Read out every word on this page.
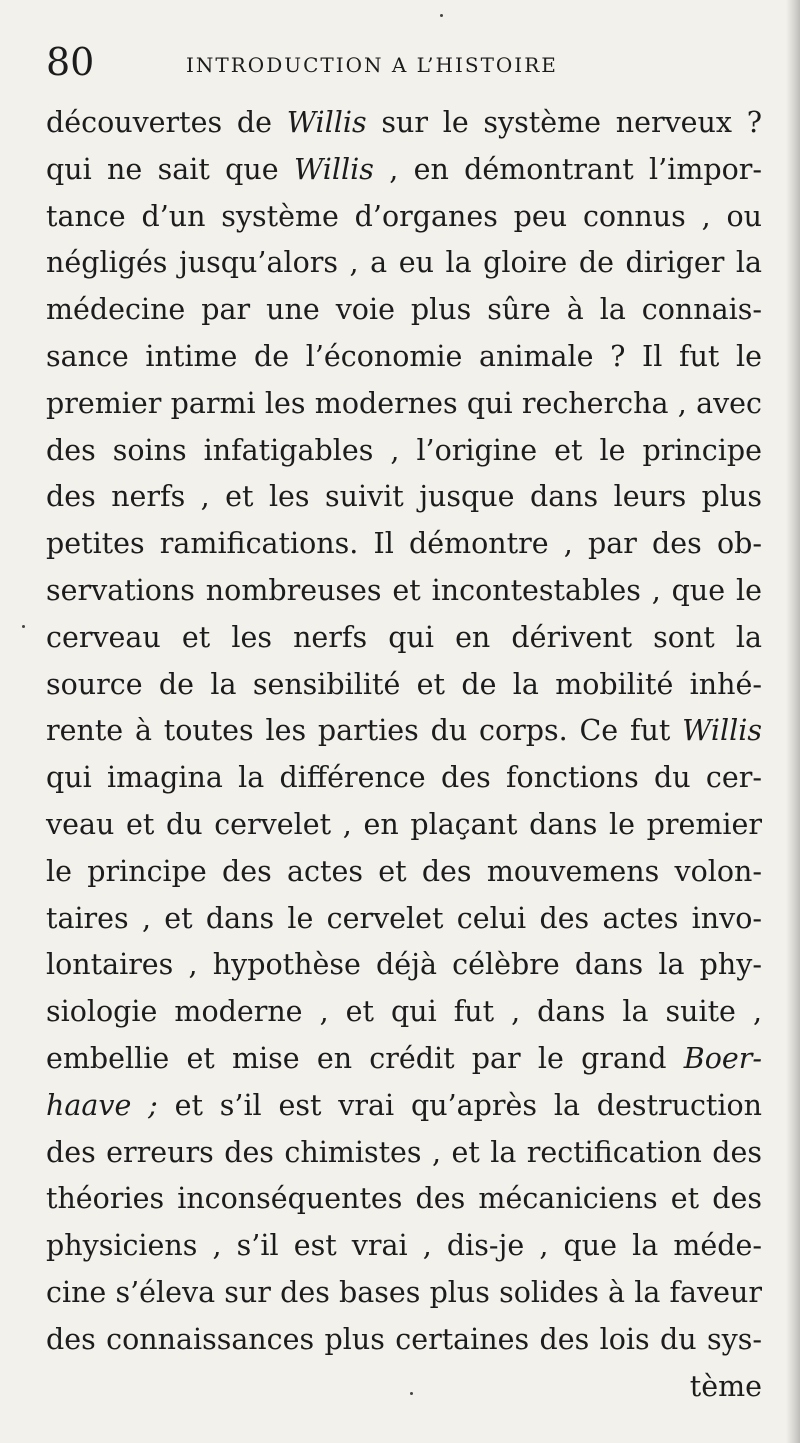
80	INTRODUCTION A L’HISTOIRE
découvertes de Willis sur le système nerveux ?
qui ne sait que Willis , en démontrant l’impor-
tance d’un système d’organes peu connus , ou
négligés jusqu’alors , a eu la gloire de diriger la
médecine par une voie plus sûre à la connais-
sance intime de l’économie animale ? Il fut le
premier parmi les modernes qui rechercha , avec
des soins infatigables , l’origine et le principe
des nerfs , et les suivit jusque dans leurs plus
petites ramifications. Il démontre , par des ob-
servations nombreuses et incontestables , que le
cerveau et les nerfs qui en dérivent sont la
source de la sensibilité et de la mobilité inhé-
rente à toutes les parties du corps. Ce fut Willis
qui imagina la différence des fonctions du cer-
veau et du cervelet , en plaçant dans le premier
le principe des actes et des mouvemens volon-
taires , et dans le cervelet celui des actes invo-
lontaires , hypothèse déjà célèbre dans la phy-
siologie moderne , et qui fut , dans la suite ,
embellie et mise en crédit par le grand Boer-
haave ; et s’il est vrai qu’après la destruction
des erreurs des chimistes , et la rectification des
théories inconséquentes des mécaniciens et des
physiciens , s’il est vrai , dis-je , que la méde-
cine s’éleva sur des bases plus solides à la faveur
des connaissances plus certaines des lois du sys-
tème
